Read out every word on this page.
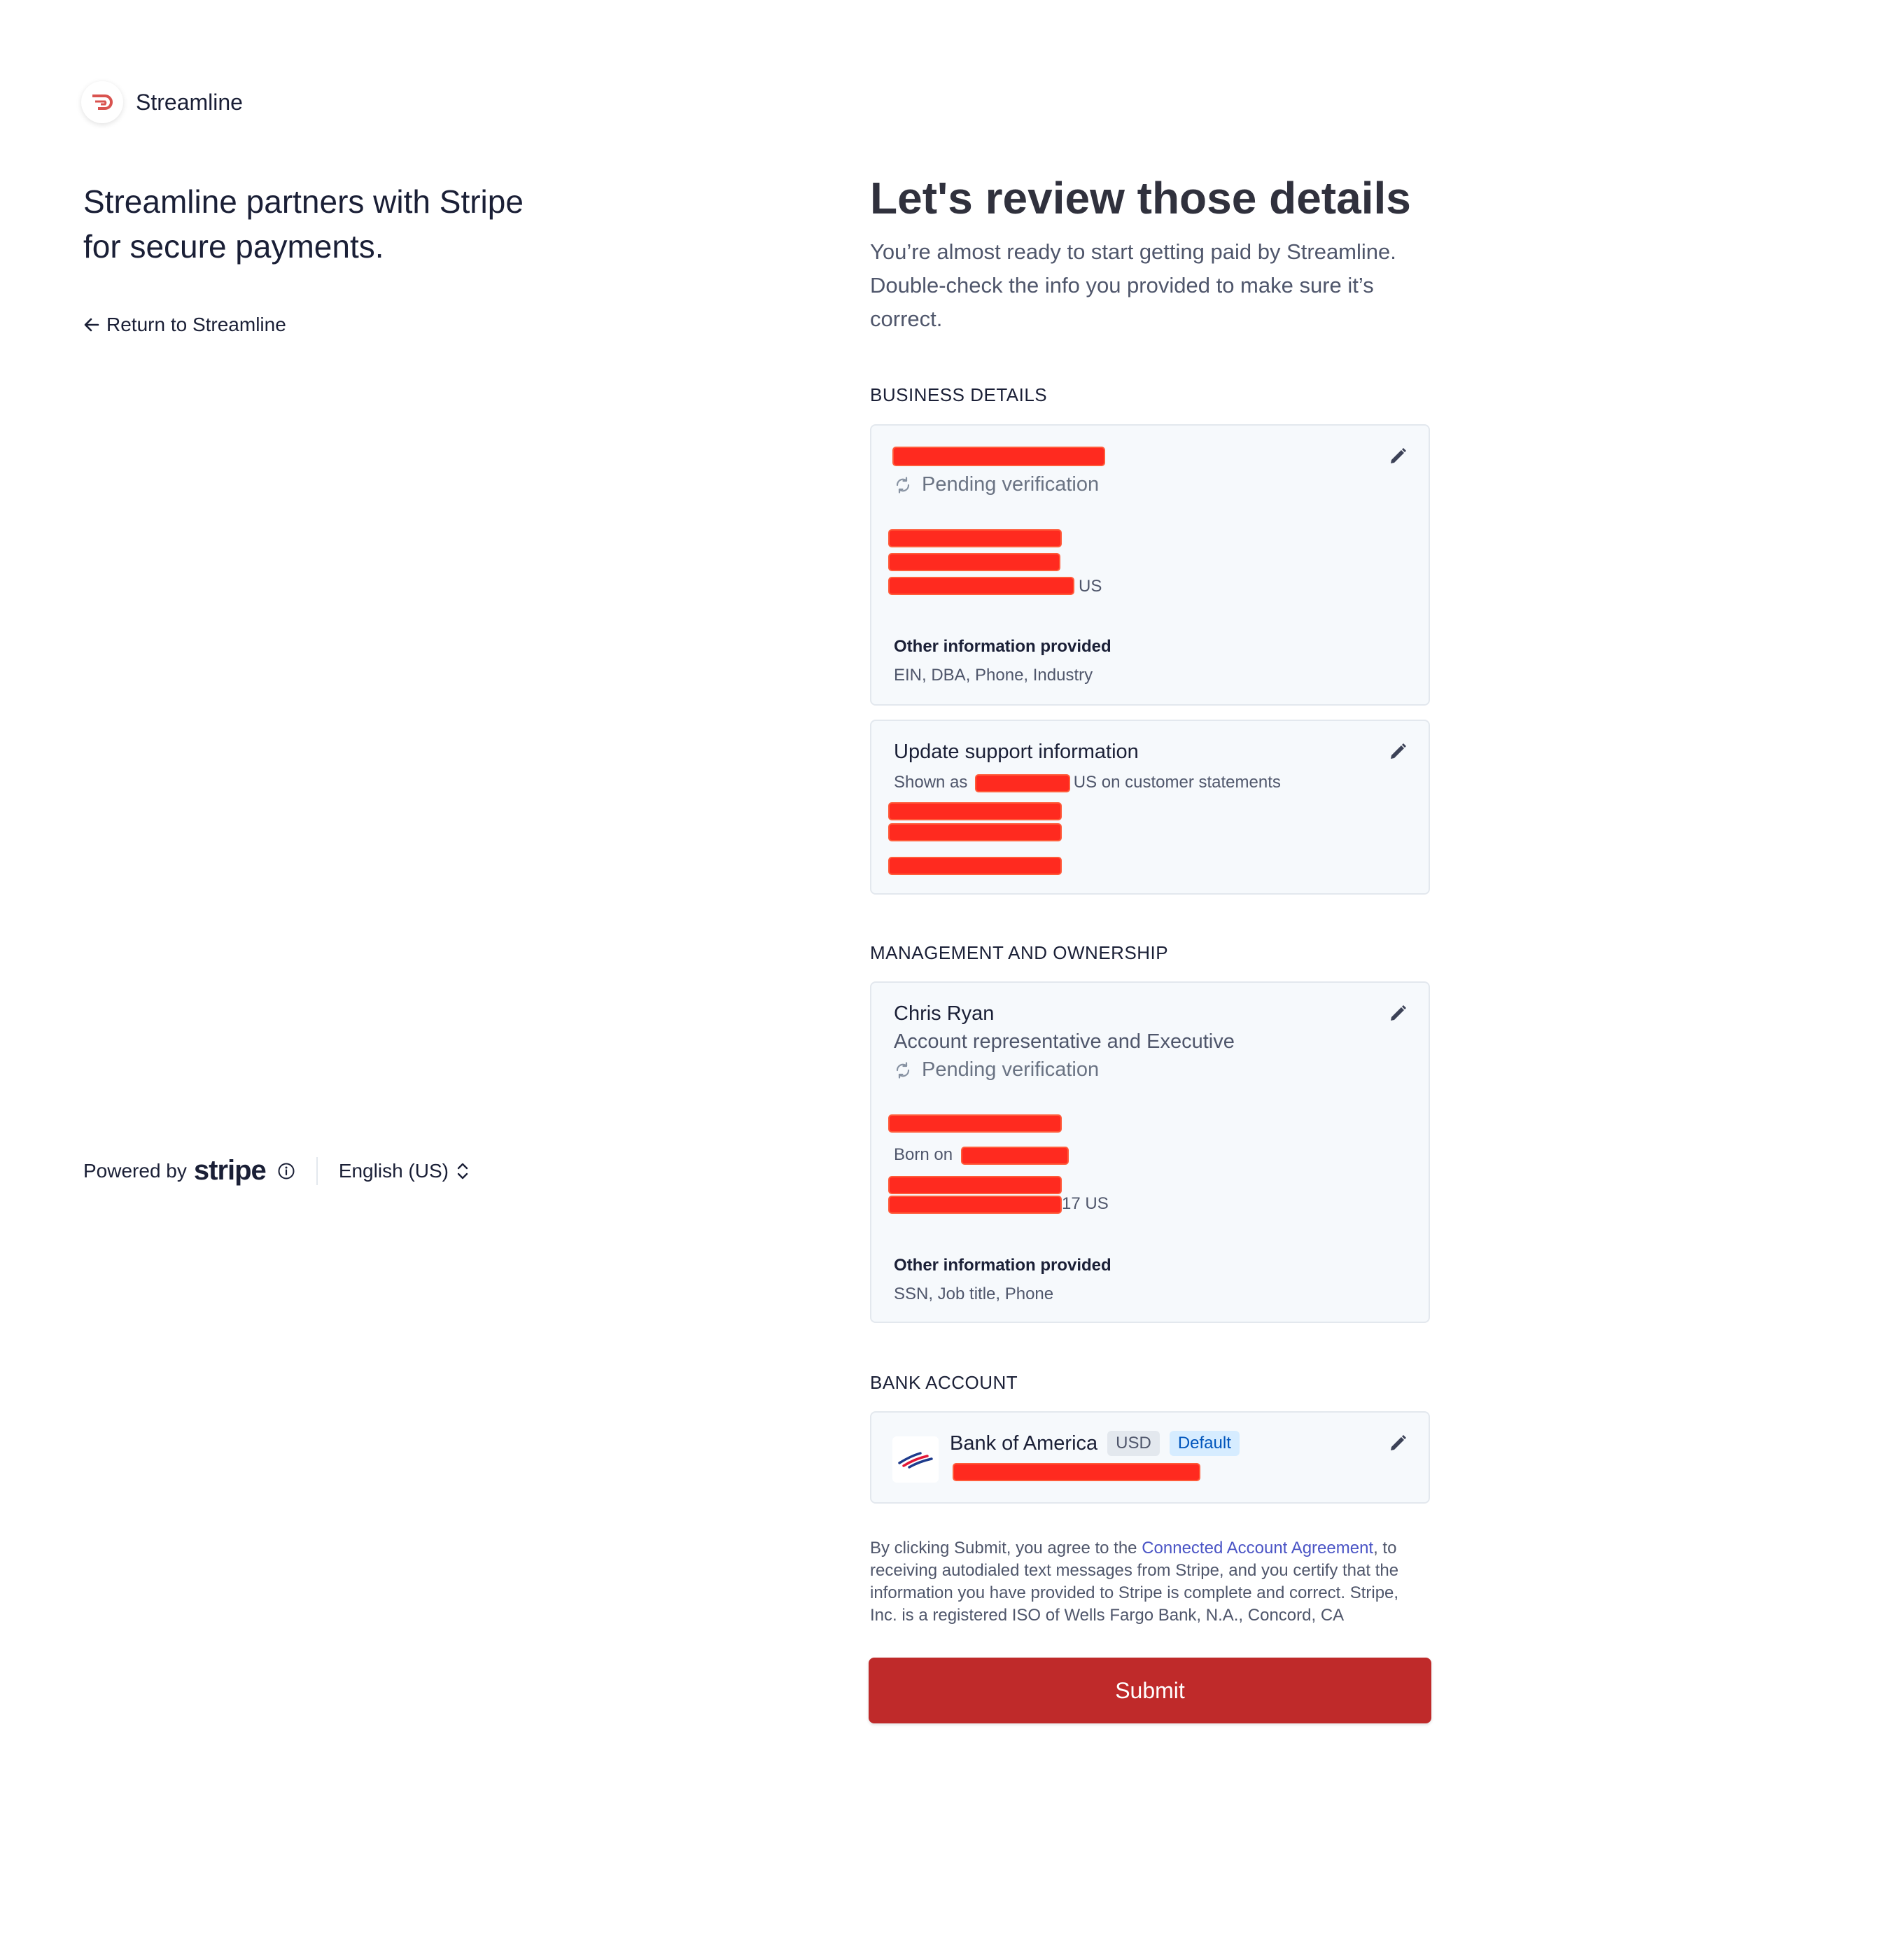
Streamline
Streamline partners with Stripe for secure payments.
Return to Streamline
Powered by stripe	English (US)
Let's review those details
You’re almost ready to start getting paid by Streamline. Double-check the info you provided to make sure it’s correct.
BUSINESS DETAILS
Pending verification
US
Other information provided
EIN, DBA, Phone, Industry
Update support information
Shown as	US on customer statements
MANAGEMENT AND OWNERSHIP
Chris Ryan
Account representative and Executive
Pending verification
Born on
17 US
Other information provided
SSN, Job title, Phone
BANK ACCOUNT
Bank of America	USD	Default
By clicking Submit, you agree to the Connected Account Agreement, to receiving autodialed text messages from Stripe, and you certify that the information you have provided to Stripe is complete and correct. Stripe, Inc. is a registered ISO of Wells Fargo Bank, N.A., Concord, CA
Submit
